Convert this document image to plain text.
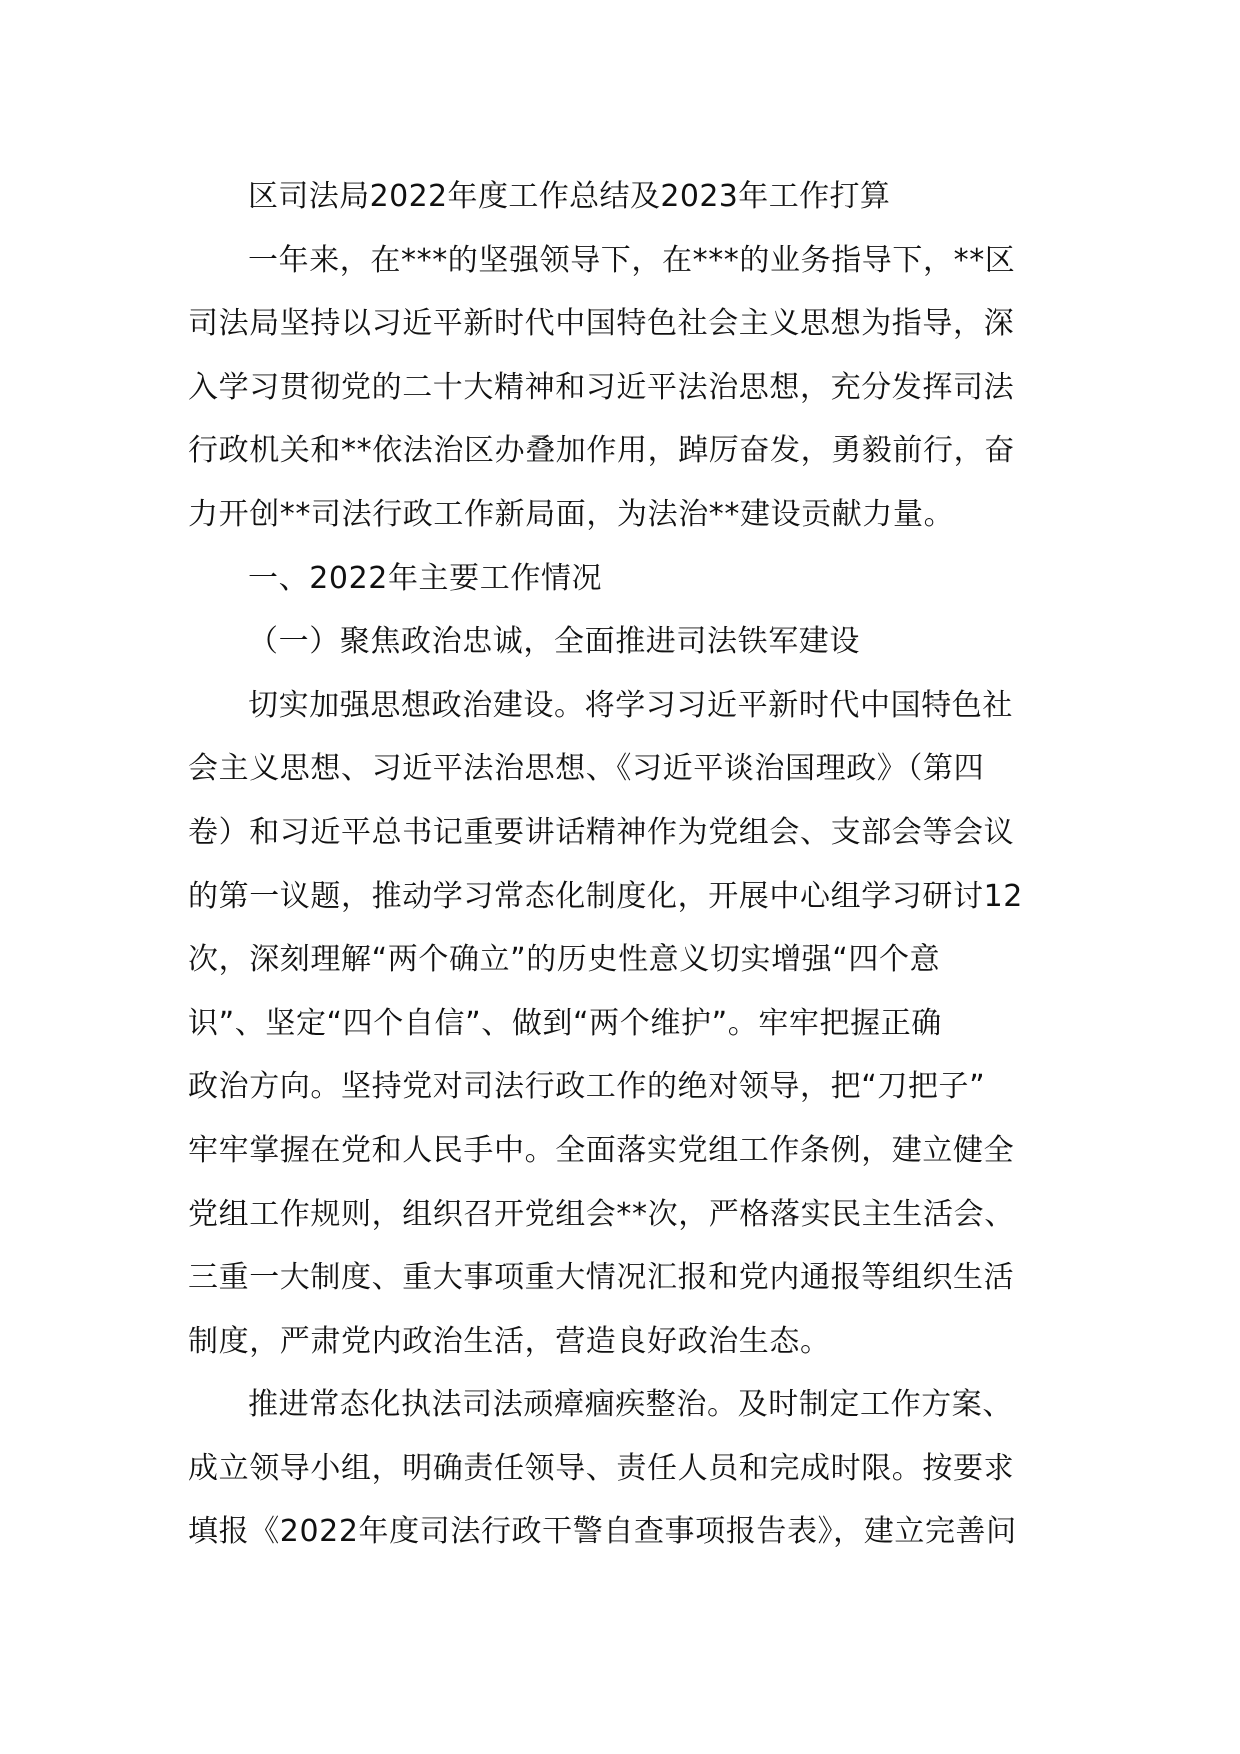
区司法局2022年度工作总结及2023年工作打算
一年来，在***的坚强领导下，在***的业务指导下，**区
司法局坚持以习近平新时代中国特色社会主义思想为指导，深
入学习贯彻党的二十大精神和习近平法治思想，充分发挥司法
行政机关和**依法治区办叠加作用，踔厉奋发，勇毅前行，奋
力开创**司法行政工作新局面，为法治**建设贡献力量。
一、2022年主要工作情况
（一）聚焦政治忠诚，全面推进司法铁军建设
切实加强思想政治建设。将学习习近平新时代中国特色社
会主义思想、习近平法治思想、《习近平谈治国理政》（第四
卷）和习近平总书记重要讲话精神作为党组会、支部会等会议
的第一议题，推动学习常态化制度化，开展中心组学习研讨12
次，深刻理解“两个确立”的历史性意义切实增强“四个意
识”、坚定“四个自信”、做到“两个维护”。牢牢把握正确
政治方向。坚持党对司法行政工作的绝对领导，把“刀把子”
牢牢掌握在党和人民手中。全面落实党组工作条例，建立健全
党组工作规则，组织召开党组会**次，严格落实民主生活会、
三重一大制度、重大事项重大情况汇报和党内通报等组织生活
制度，严肃党内政治生活，营造良好政治生态。
推进常态化执法司法顽瘴痼疾整治。及时制定工作方案、
成立领导小组，明确责任领导、责任人员和完成时限。按要求
填报《2022年度司法行政干警自查事项报告表》，建立完善问
